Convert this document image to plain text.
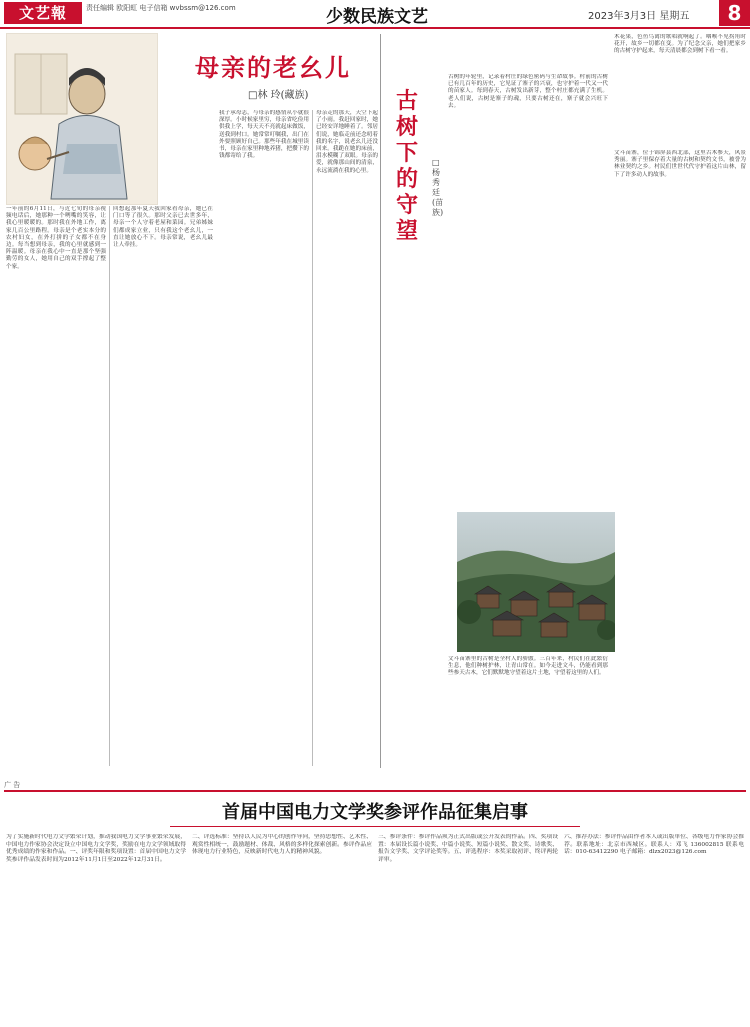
文艺報	责任编辑 欧阳虹 电子信箱 wvbssm@126.com	少数民族文艺	2023年3月3日 星期五	8
母亲的老幺儿
□林 玲(藏族)
一年前的6月11日，与近七旬的母亲视频电话后，她那种一个咧嘴的笑容，让我心里暖暖的。那时我在外地工作，离家几百公里路程。母亲是个老实本分的农村妇女，在外打拼的子女都不在身边。每当想到母亲，我的心里就感到一阵温暖。母亲在我心中一直是那个坚强勤劳的女人，她用自己的双手撑起了整个家。
回想起那年夏天我回家看母亲，她已在门口等了很久。那时父亲已去世多年，母亲一个人守着老屋和菜园。兄弟姊妹们都成家立业，只有我这个老幺儿，一直让她放心不下。母亲常说，老幺儿最让人牵挂。
我子承母志，与母亲的感情从小就很深厚。小时候家里穷，母亲省吃俭用供我上学，每天天不亮就起床做饭，送我到村口。她常常叮嘱我，出门在外要照顾好自己。那些年我在城里读书，母亲在家里种地养猪，把攒下的钱都寄给了我。
母亲走的那天，天空下起了小雨。我赶回家时，她已经安详地睡着了。邻居们说，她临走前还念叨着我的名字，说老幺儿还没回来。我跪在她的床前，泪水模糊了双眼。母亲的爱，就像那山间的清泉，永远流淌在我的心里。
古树下的守望
□杨秀廷(苗族)
木花果，色鱼鸟禽的歌唱就响起了。咽喉不见拐角时花开，故乡一切都在变。为了纪念父亲，她们把家乡的古树守护起来，每天清晨都会到树下看一看。
古树的年轮里，记录着村庄的绿色密码与生命故事。村前的古树已有几百年的历史，它见证了寨子的兴衰，也守护着一代又一代的苗家人。每到春天，古树发出新芽，整个村庄都充满了生机。老人们说，古树是寨子的魂，只要古树还在，寨子就会兴旺下去。
文斗苗寨，位于锦屏县西北部，这里古木参天，风景秀丽。寨子里保存着大量的古树和契约文书，被誉为林业契约之乡。村民们世世代代守护着这片山林，留下了许多动人的故事。
文斗苗寨里的古树是全村人的骄傲。三百年来，村民们在此繁衍生息，他们种树护林，让青山常在。如今走进文斗，仍能看到那些参天古木，它们默默地守望着这片土地，守望着这里的人们。
广 告
首届中国电力文学奖参评作品征集启事
为了实施新时代电力文学繁荣计划，推动我国电力文学事业繁荣发展，中国电力作家协会决定设立中国电力文学奖，奖励在电力文学领域取得优秀成绩的作家和作品。一、评奖年限和奖项设置：首届中国电力文学奖参评作品发表时间为2012年11月1日至2022年12月31日。
二、评选标准：坚持以人民为中心的创作导向，坚持思想性、艺术性、观赏性相统一，鼓励题材、体裁、风格的多样化探索创新。参评作品应体现电力行业特色，反映新时代电力人的精神风貌。
三、参评条件：参评作品须为正式出版或公开发表的作品。四、奖项设置：本届设长篇小说奖、中篇小说奖、短篇小说奖、散文奖、诗歌奖、报告文学奖、文学评论奖等。五、评选程序：本奖采取初评、终评两轮评审。
六、推荐办法：参评作品由作者本人或出版单位、各级电力作家协会推荐。联系地址：北京市西城区。联系人：邓飞 136002815 联系电话：010-63412290 电子邮箱：dlzx2023@126.com
